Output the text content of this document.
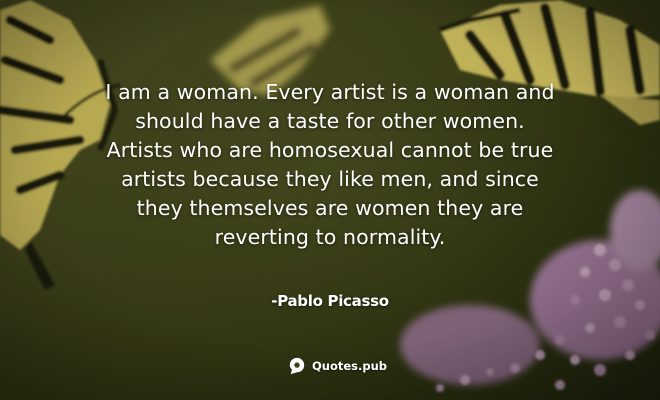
I am a woman. Every artist is a woman and should have a taste for other women. Artists who are homosexual cannot be true artists because they like men, and since they themselves are women they are reverting to normality.

-Pablo Picasso
Quotes.pub
